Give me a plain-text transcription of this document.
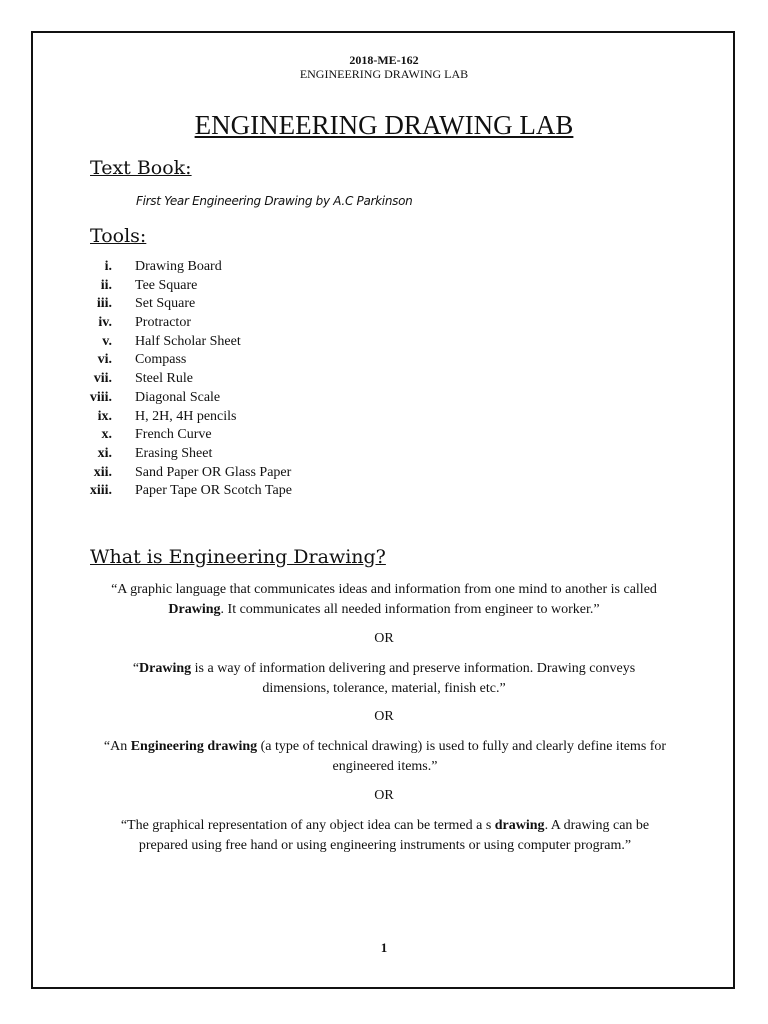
2018-ME-162
ENGINEERING DRAWING LAB
ENGINEERING DRAWING LAB
Text Book:
First Year Engineering Drawing by A.C Parkinson
Tools:
i. Drawing Board
ii. Tee Square
iii. Set Square
iv. Protractor
v. Half Scholar Sheet
vi. Compass
vii. Steel Rule
viii. Diagonal Scale
ix. H, 2H, 4H pencils
x. French Curve
xi. Erasing Sheet
xii. Sand Paper OR Glass Paper
xiii. Paper Tape OR Scotch Tape
What is Engineering Drawing?

“A graphic language that communicates ideas and information from one mind to another is called Drawing. It communicates all needed information from engineer to worker.”

OR

“Drawing is a way of information delivering and preserve information. Drawing conveys dimensions, tolerance, material, finish etc.”

OR

“An Engineering drawing (a type of technical drawing) is used to fully and clearly define items for engineered items.”

OR

“The graphical representation of any object idea can be termed a s drawing. A drawing can be prepared using free hand or using engineering instruments or using computer program.”

1
